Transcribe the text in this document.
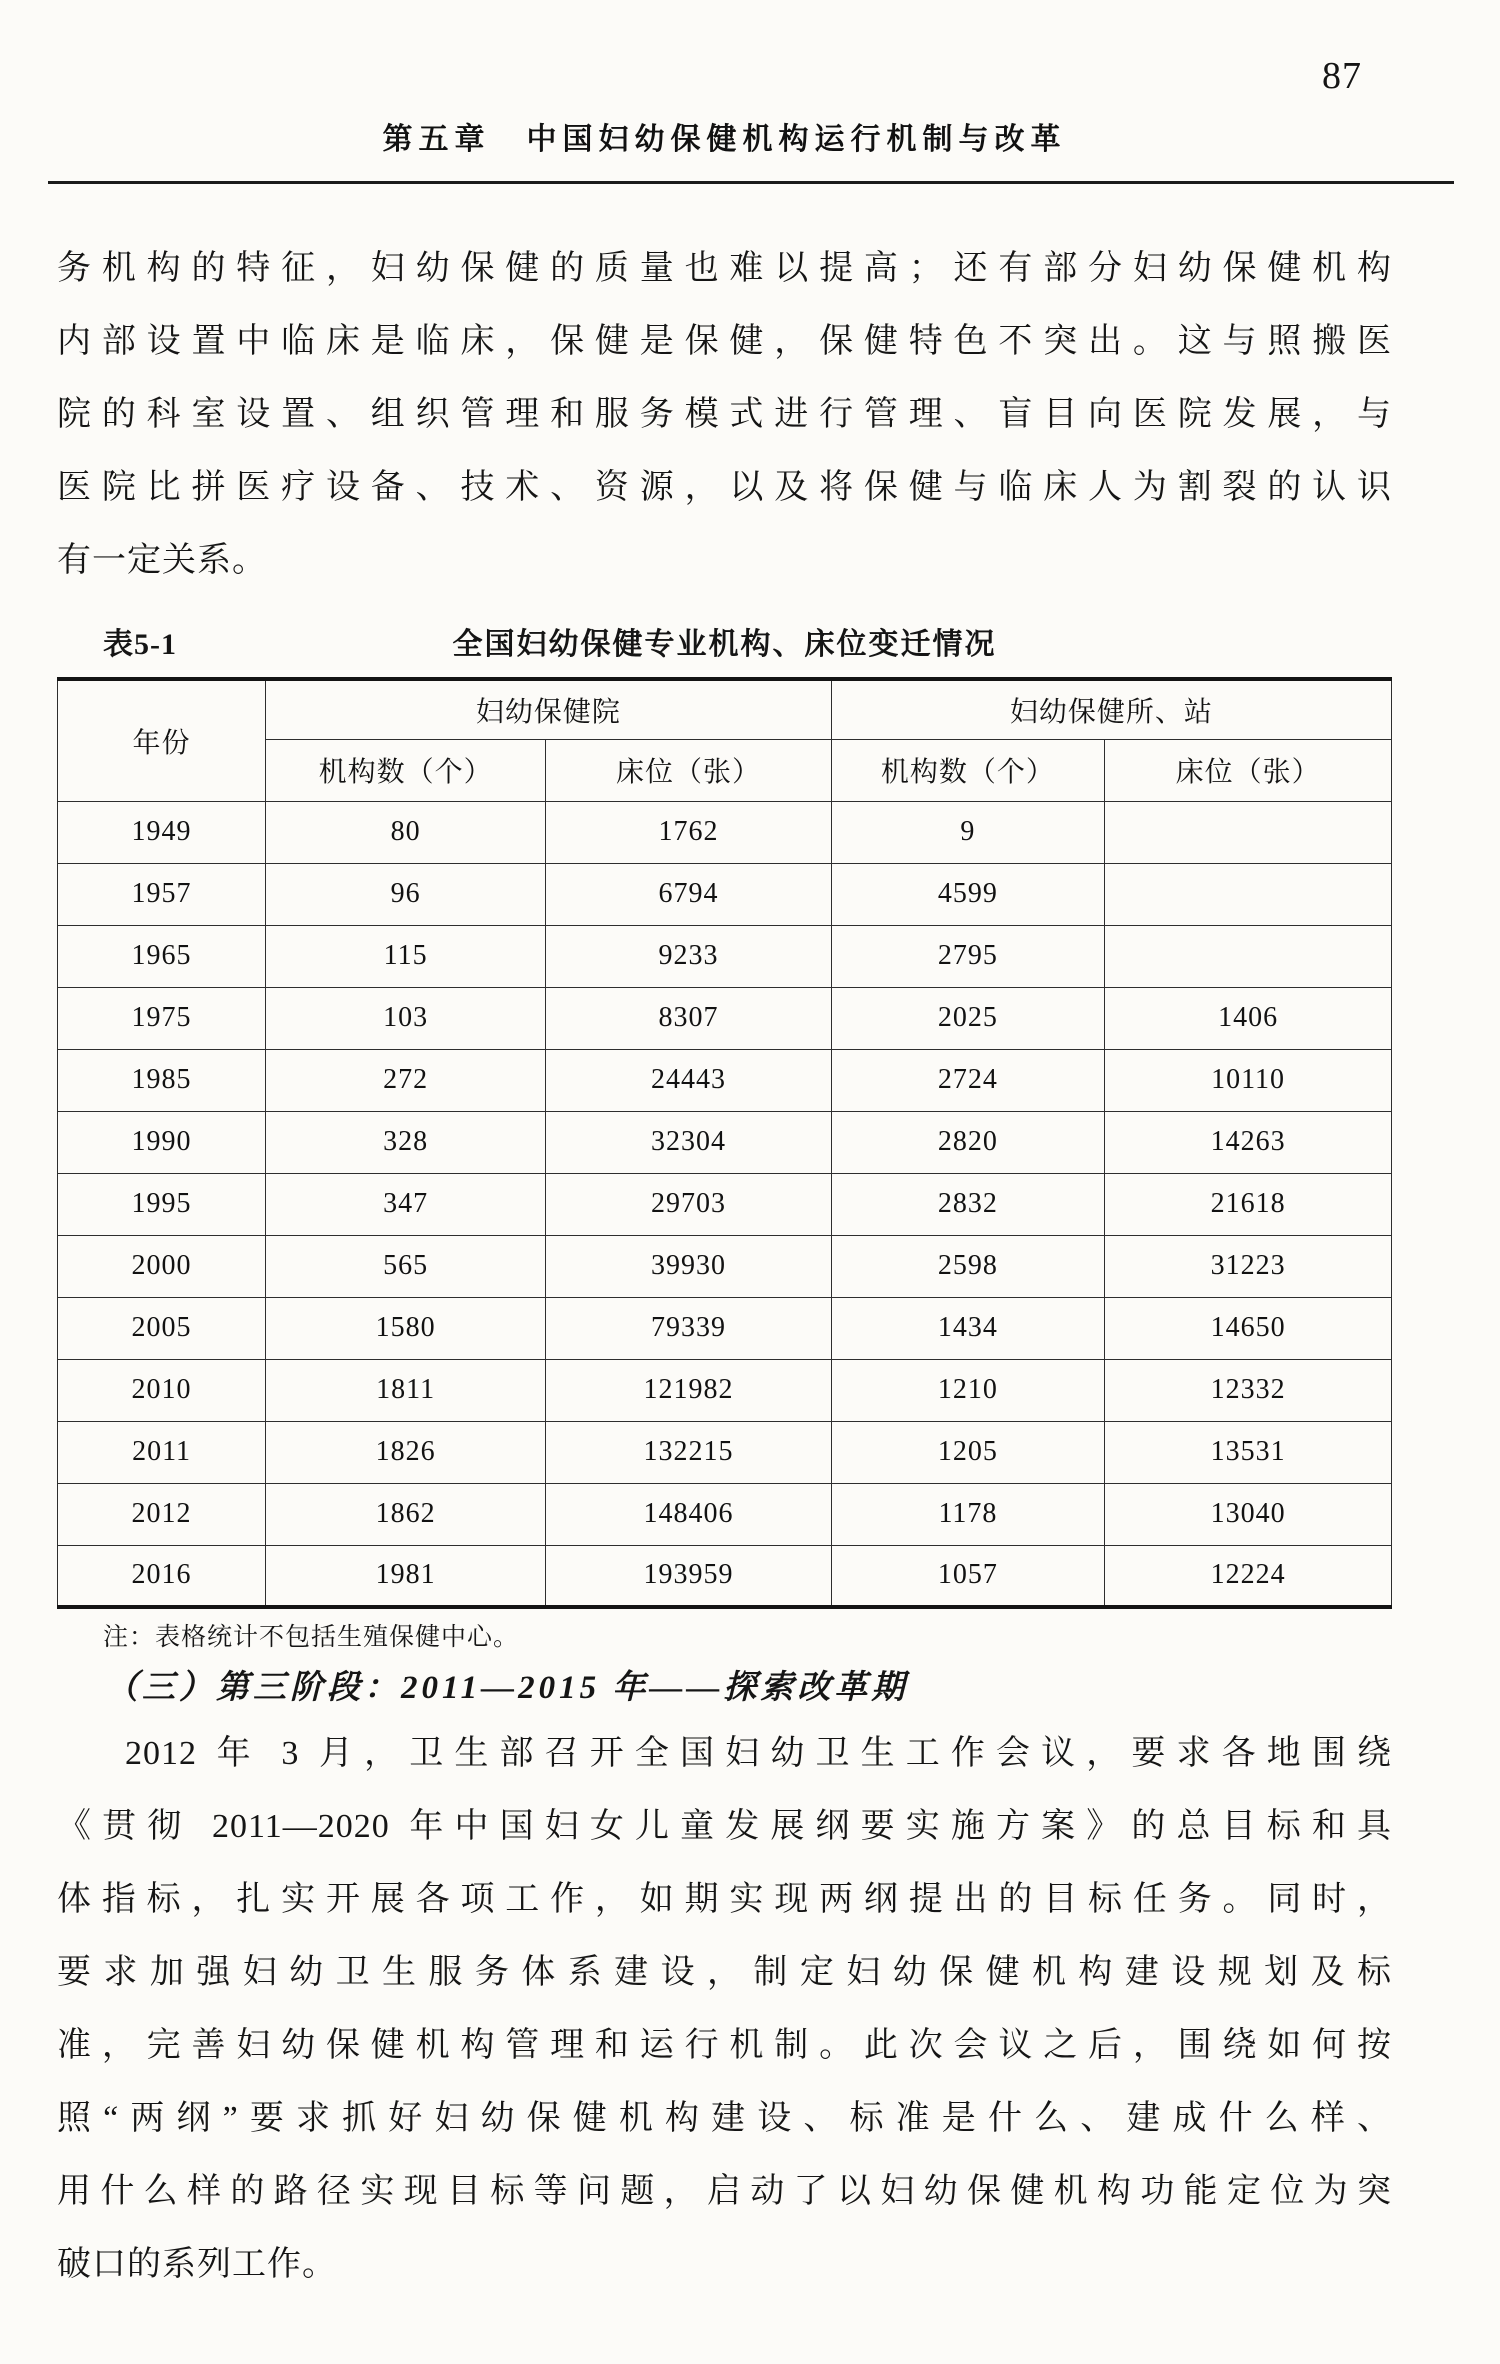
第五章　中国妇幼保健机构运行机制与改革
87
务机构的特征，妇幼保健的质量也难以提高；还有部分妇幼保健机构
内部设置中临床是临床，保健是保健，保健特色不突出。这与照搬医
院的科室设置、组织管理和服务模式进行管理、盲目向医院发展，与
医院比拼医疗设备、技术、资源，以及将保健与临床人为割裂的认识
有一定关系。
表5-1	全国妇幼保健专业机构、床位变迁情况
年份	妇幼保健院		妇幼保健所、站	
	机构数（个）	床位（张）	机构数（个）	床位（张）
1949	80	1762	9	
1957	96	6794	4599	
1965	115	9233	2795	
1975	103	8307	2025	1406
1985	272	24443	2724	10110
1990	328	32304	2820	14263
1995	347	29703	2832	21618
2000	565	39930	2598	31223
2005	1580	79339	1434	14650
2010	1811	121982	1210	12332
2011	1826	132215	1205	13531
2012	1862	148406	1178	13040
2016	1981	193959	1057	12224
注：表格统计不包括生殖保健中心。
（三）第三阶段：2011—2015 年——探索改革期
2012 年 3 月，卫生部召开全国妇幼卫生工作会议，要求各地围绕
《贯彻 2011—2020 年中国妇女儿童发展纲要实施方案》的总目标和具
体指标，扎实开展各项工作，如期实现两纲提出的目标任务。同时，
要求加强妇幼卫生服务体系建设，制定妇幼保健机构建设规划及标
准，完善妇幼保健机构管理和运行机制。此次会议之后，围绕如何按
照“两纲”要求抓好妇幼保健机构建设、标准是什么、建成什么样、
用什么样的路径实现目标等问题，启动了以妇幼保健机构功能定位为突
破口的系列工作。
